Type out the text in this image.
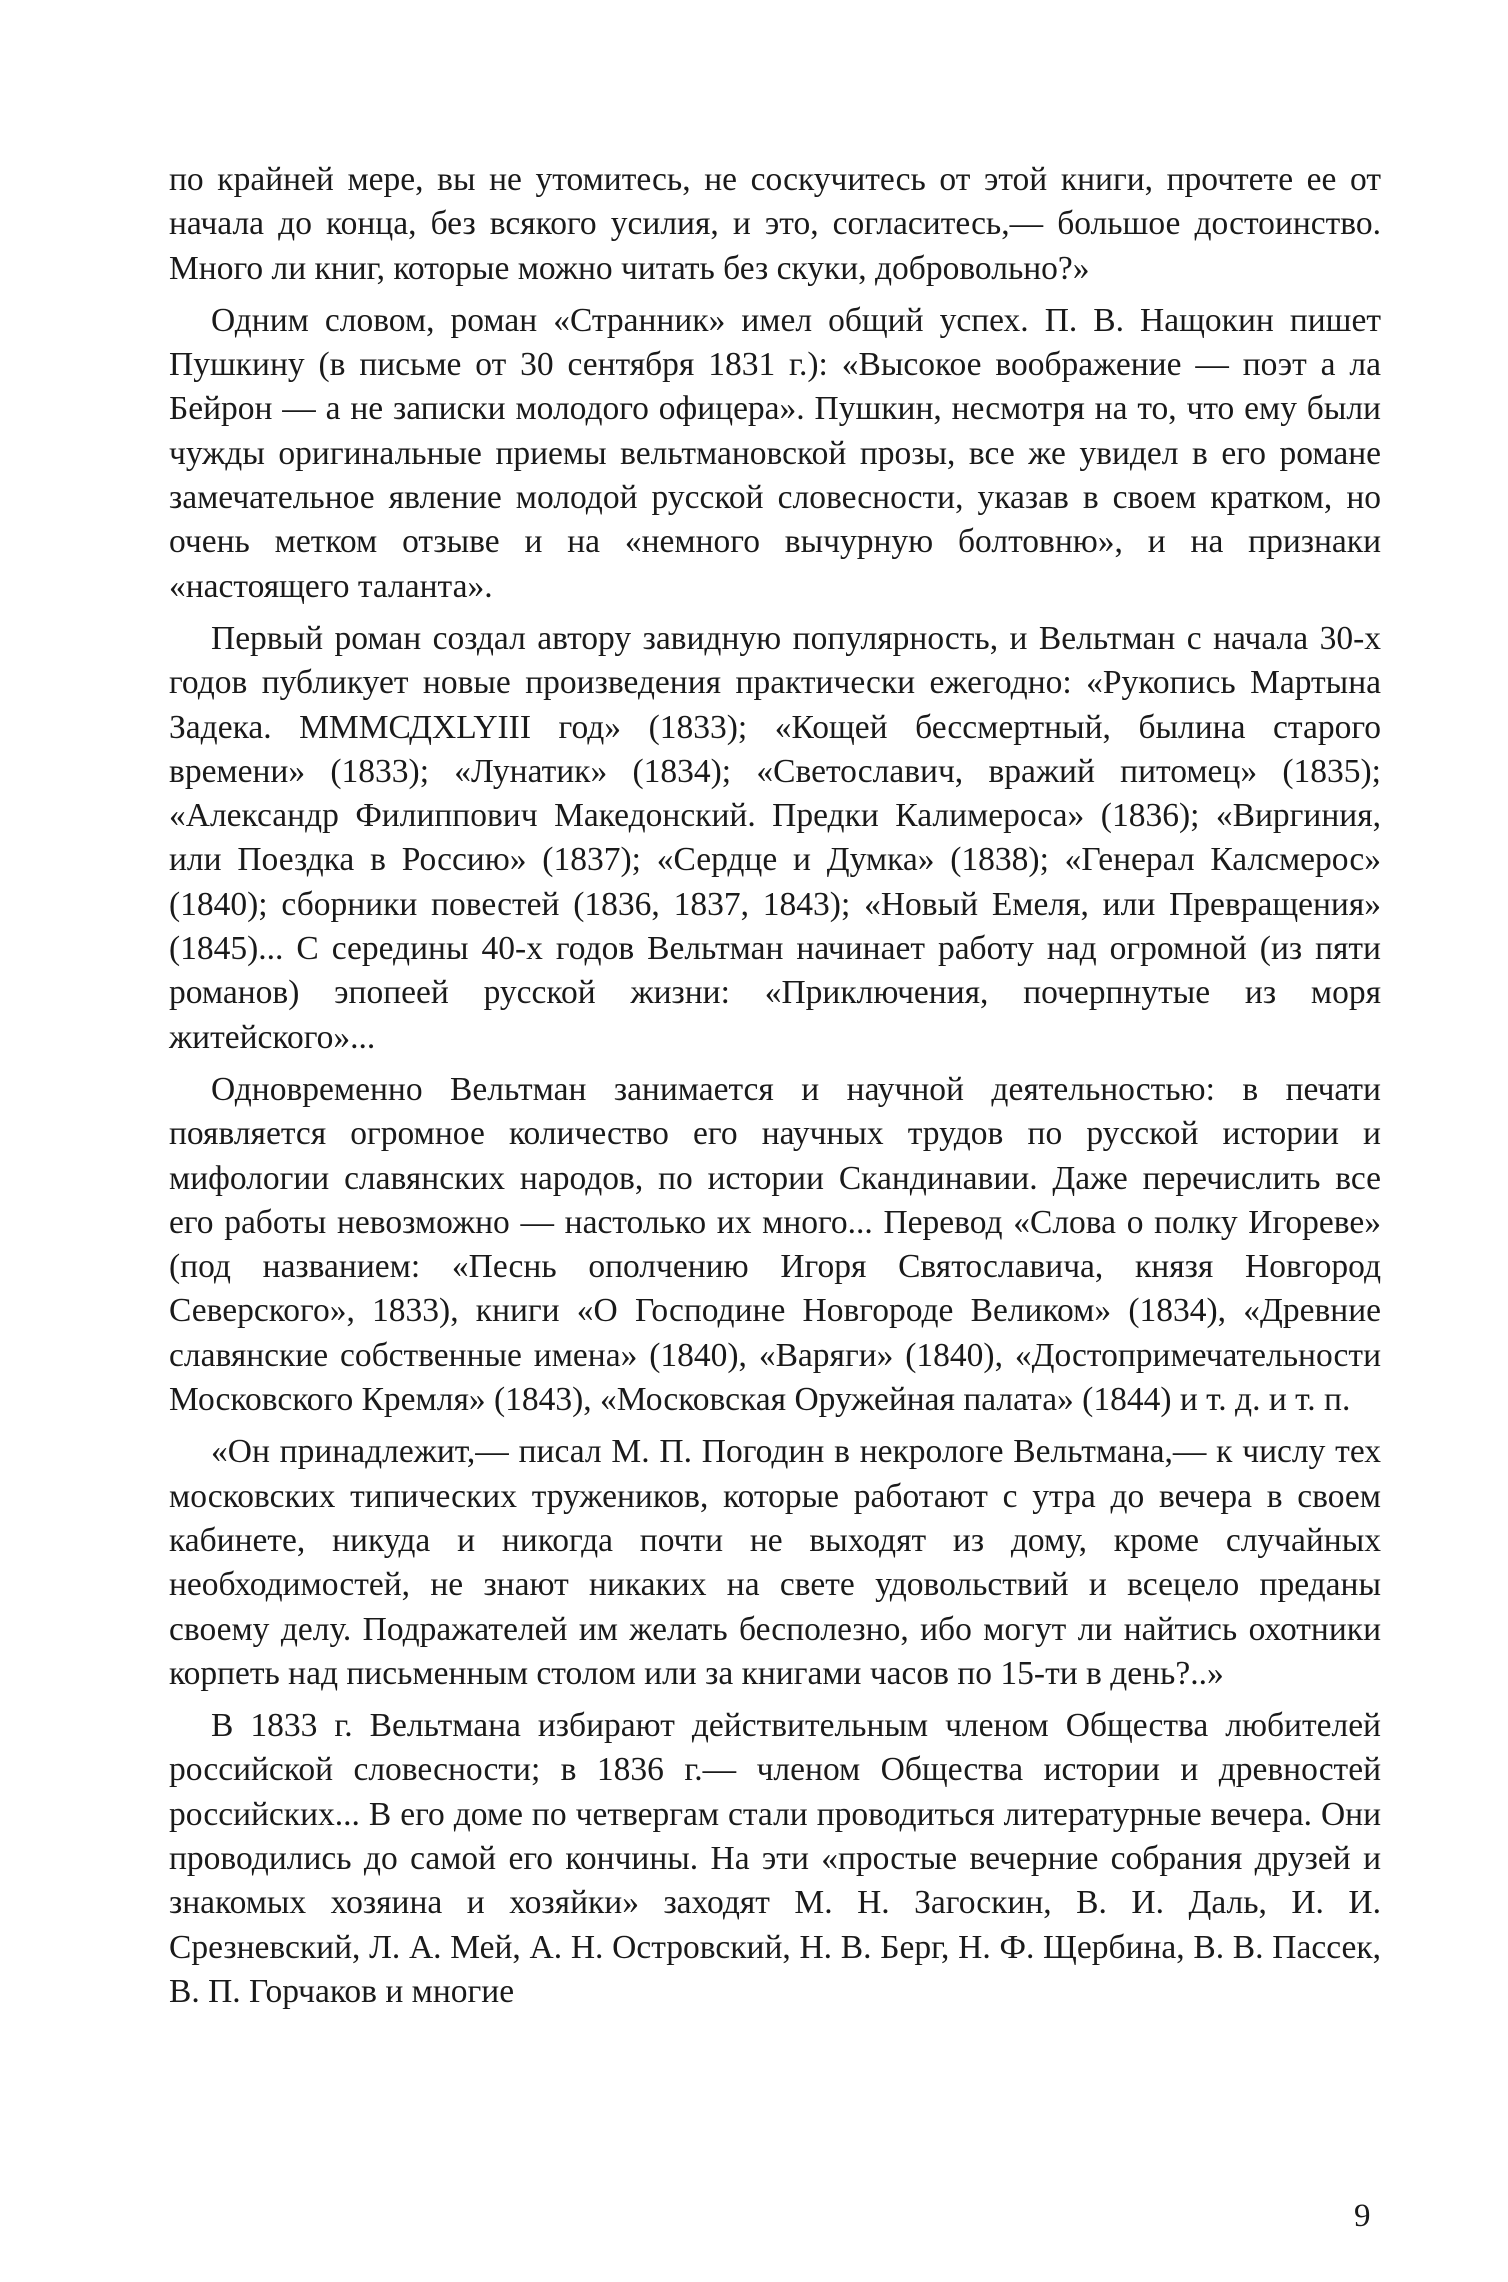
по крайней мере, вы не утомитесь, не соскучитесь от этой книги, прочтете ее от начала до конца, без всякого усилия, и это, согласитесь,— большое достоинство. Много ли книг, которые можно читать без скуки, добровольно?»

Одним словом, роман «Странник» имел общий успех. П. В. Нащокин пишет Пушкину (в письме от 30 сентября 1831 г.): «Высокое воображение — поэт а ла Бейрон — а не записки молодого офицера». Пушкин, несмотря на то, что ему были чужды оригинальные приемы вельтмановской прозы, все же увидел в его романе замечательное явление молодой русской словесности, указав в своем кратком, но очень метком отзыве и на «немного вычурную болтовню», и на признаки «настоящего таланта».

Первый роман создал автору завидную популярность, и Вельтман с начала 30-х годов публикует новые произведения практически ежегодно: «Рукопись Мартына Задека. МММСДХLYIII год» (1833); «Кощей бессмертный, былина старого времени» (1833); «Лунатик» (1834); «Светославич, вражий питомец» (1835); «Александр Филиппович Македонский. Предки Калимероса» (1836); «Виргиния, или Поездка в Россию» (1837); «Сердце и Думка» (1838); «Генерал Калсмерос» (1840); сборники повестей (1836, 1837, 1843); «Новый Емеля, или Превращения» (1845)... С середины 40-х годов Вельтман начинает работу над огромной (из пяти романов) эпопеей русской жизни: «Приключения, почерпнутые из моря житейского»...

Одновременно Вельтман занимается и научной деятельностью: в печати появляется огромное количество его научных трудов по русской истории и мифологии славянских народов, по истории Скандинавии. Даже перечислить все его работы невозможно — настолько их много... Перевод «Слова о полку Игореве» (под названием: «Песнь ополчению Игоря Святославича, князя Новгород Северского», 1833), книги «О Господине Новгороде Великом» (1834), «Древние славянские собственные имена» (1840), «Варяги» (1840), «Достопримечательности Московского Кремля» (1843), «Московская Оружейная палата» (1844) и т. д. и т. п.

«Он принадлежит,— писал М. П. Погодин в некрологе Вельтмана,— к числу тех московских типических тружеников, которые работают с утра до вечера в своем кабинете, никуда и никогда почти не выходят из дому, кроме случайных необходимостей, не знают никаких на свете удовольствий и всецело преданы своему делу. Подражателей им желать бесполезно, ибо могут ли найтись охотники корпеть над письменным столом или за книгами часов по 15-ти в день?..»

В 1833 г. Вельтмана избирают действительным членом Общества любителей российской словесности; в 1836 г.— членом Общества истории и древностей российских... В его доме по четвергам стали проводиться литературные вечера. Они проводились до самой его кончины. На эти «простые вечерние собрания друзей и знакомых хозяина и хозяйки» заходят М. Н. Загоскин, В. И. Даль, И. И. Срезневский, Л. А. Мей, А. Н. Островский, Н. В. Берг, Н. Ф. Щербина, В. В. Пассек, В. П. Горчаков и многие

9
